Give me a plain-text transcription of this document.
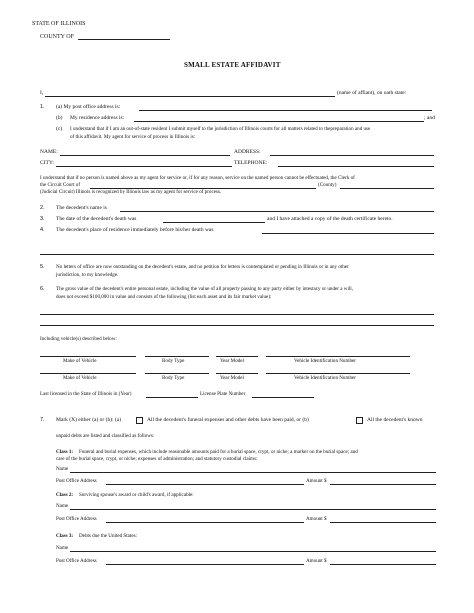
STATE OF ILLINOIS
COUNTY OF
SMALL ESTATE AFFIDAVIT
I,	(name of affiant), on oath state:
1. (a) My post office address is:
(b) My residence address is:	; and
(c) I understand that if I am an out-of-state resident I submit myself to the jurisdiction of Illinois courts for all matters related to thepreparation and use
of this affidavit. My agent for service of process in Illinois is:
NAME:	ADDRESS:
CITY:	TELEPHONE:
I understand that if no person is named above as my agent for service or, if for any reason, service on the named person cannot be effectuated, the Clerk of
the Circuit Court of	(County)
(Judicial Circuit) Illinois is recognized by Illinois law as my agent for service of process.
2. The decedent's name is
3. The date of the decedent's death was	and I have attached a copy of the death certificate hereto.
4. The decedent's place of residence immediately before his/her death was
5. No letters of office are now outstanding on the decedent's estate, and no petition for letters is contemplated or pending in Illinois or in any other
jurisdiction, to my knowledge.
6. The gross value of the decedent's entire personal estate, including the value of all property passing to any party either by intestacy or under a will,
does not exceed $100,000 in value and consists of the following (list each asset and its fair market value):
Including vehicle(s) described below:
Make of Vehicle	Body Type	Year Model	Vehicle Identification Number
Make of Vehicle	Body Type	Year Model	Vehicle Identification Number
Last licensed in the State of Illinois in (Year)	License Plate Number
7. Mark (X) either (a) or (b): (a)	All the decedent's funeral expenses and other debts have been paid, or (b)	All the decedent's known
unpaid debts are listed and classified as follows:
Class 1: Funeral and burial expenses, which include reasonable amounts paid for a burial space, crypt, or niche; a marker on the burial space; and
care of the burial space, crypt, or niche; expenses of administration; and statutory custodial claims:
Name
Post Office Address	Amount $
Class 2: Surviving spouse's award or child's award, if applicable:
Name
Post Office Address	Amount $
Class 3: Debts due the United States:
Name
Post Office Address	Amount $
